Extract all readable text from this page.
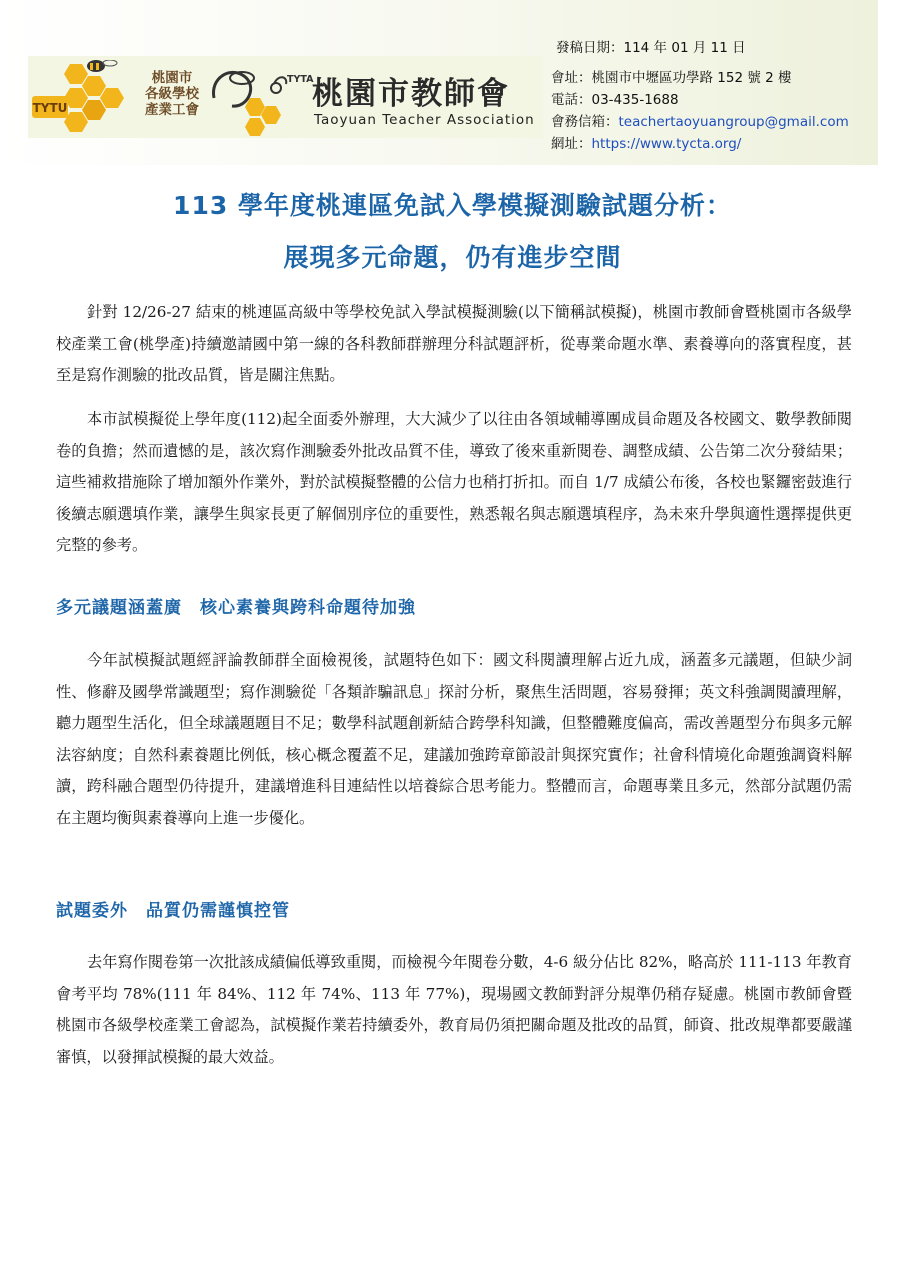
TYTU
桃園市
各級學校
產業工會
TYTA
桃園市教師會
Taoyuan Teacher Association
發稿日期：114 年 01 月 11 日
會址：桃園市中壢區功學路 152 號 2 樓
電話：03-435-1688
會務信箱：teachertaoyuangroup@gmail.com
網址：https://www.tycta.org/
113 學年度桃連區免試入學模擬測驗試題分析：
展現多元命題，仍有進步空間

針對 12/26-27 結束的桃連區高級中等學校免試入學試模擬測驗(以下簡稱試模擬)，桃園市教師會暨桃園市各級學校產業工會(桃學產)持續邀請國中第一線的各科教師群辦理分科試題評析，從專業命題水準、素養導向的落實程度，甚至是寫作測驗的批改品質，皆是關注焦點。

本市試模擬從上學年度(112)起全面委外辦理，大大減少了以往由各領域輔導團成員命題及各校國文、數學教師閱卷的負擔；然而遺憾的是，該次寫作測驗委外批改品質不佳，導致了後來重新閱卷、調整成績、公告第二次分發結果；這些補救措施除了增加額外作業外，對於試模擬整體的公信力也稍打折扣。而自 1/7 成績公布後，各校也緊鑼密鼓進行後續志願選填作業，讓學生與家長更了解個別序位的重要性，熟悉報名與志願選填程序，為未來升學與適性選擇提供更完整的參考。

多元議題涵蓋廣　核心素養與跨科命題待加強

今年試模擬試題經評論教師群全面檢視後，試題特色如下：國文科閱讀理解占近九成，涵蓋多元議題，但缺少詞性、修辭及國學常識題型；寫作測驗從「各類詐騙訊息」探討分析，聚焦生活問題，容易發揮；英文科強調閱讀理解，聽力題型生活化，但全球議題題目不足；數學科試題創新結合跨學科知識，但整體難度偏高，需改善題型分布與多元解法容納度；自然科素養題比例低，核心概念覆蓋不足，建議加強跨章節設計與探究實作；社會科情境化命題強調資料解讀，跨科融合題型仍待提升，建議增進科目連結性以培養綜合思考能力。整體而言，命題專業且多元，然部分試題仍需在主題均衡與素養導向上進一步優化。

試題委外　品質仍需謹慎控管

去年寫作閱卷第一次批該成績偏低導致重閱，而檢視今年閱卷分數，4-6 級分佔比 82%，略高於 111-113 年教育會考平均 78%(111 年 84%、112 年 74%、113 年 77%)，現場國文教師對評分規準仍稍存疑慮。桃園市教師會暨桃園市各級學校產業工會認為，試模擬作業若持續委外，教育局仍須把關命題及批改的品質，師資、批改規準都要嚴謹審慎，以發揮試模擬的最大效益。
